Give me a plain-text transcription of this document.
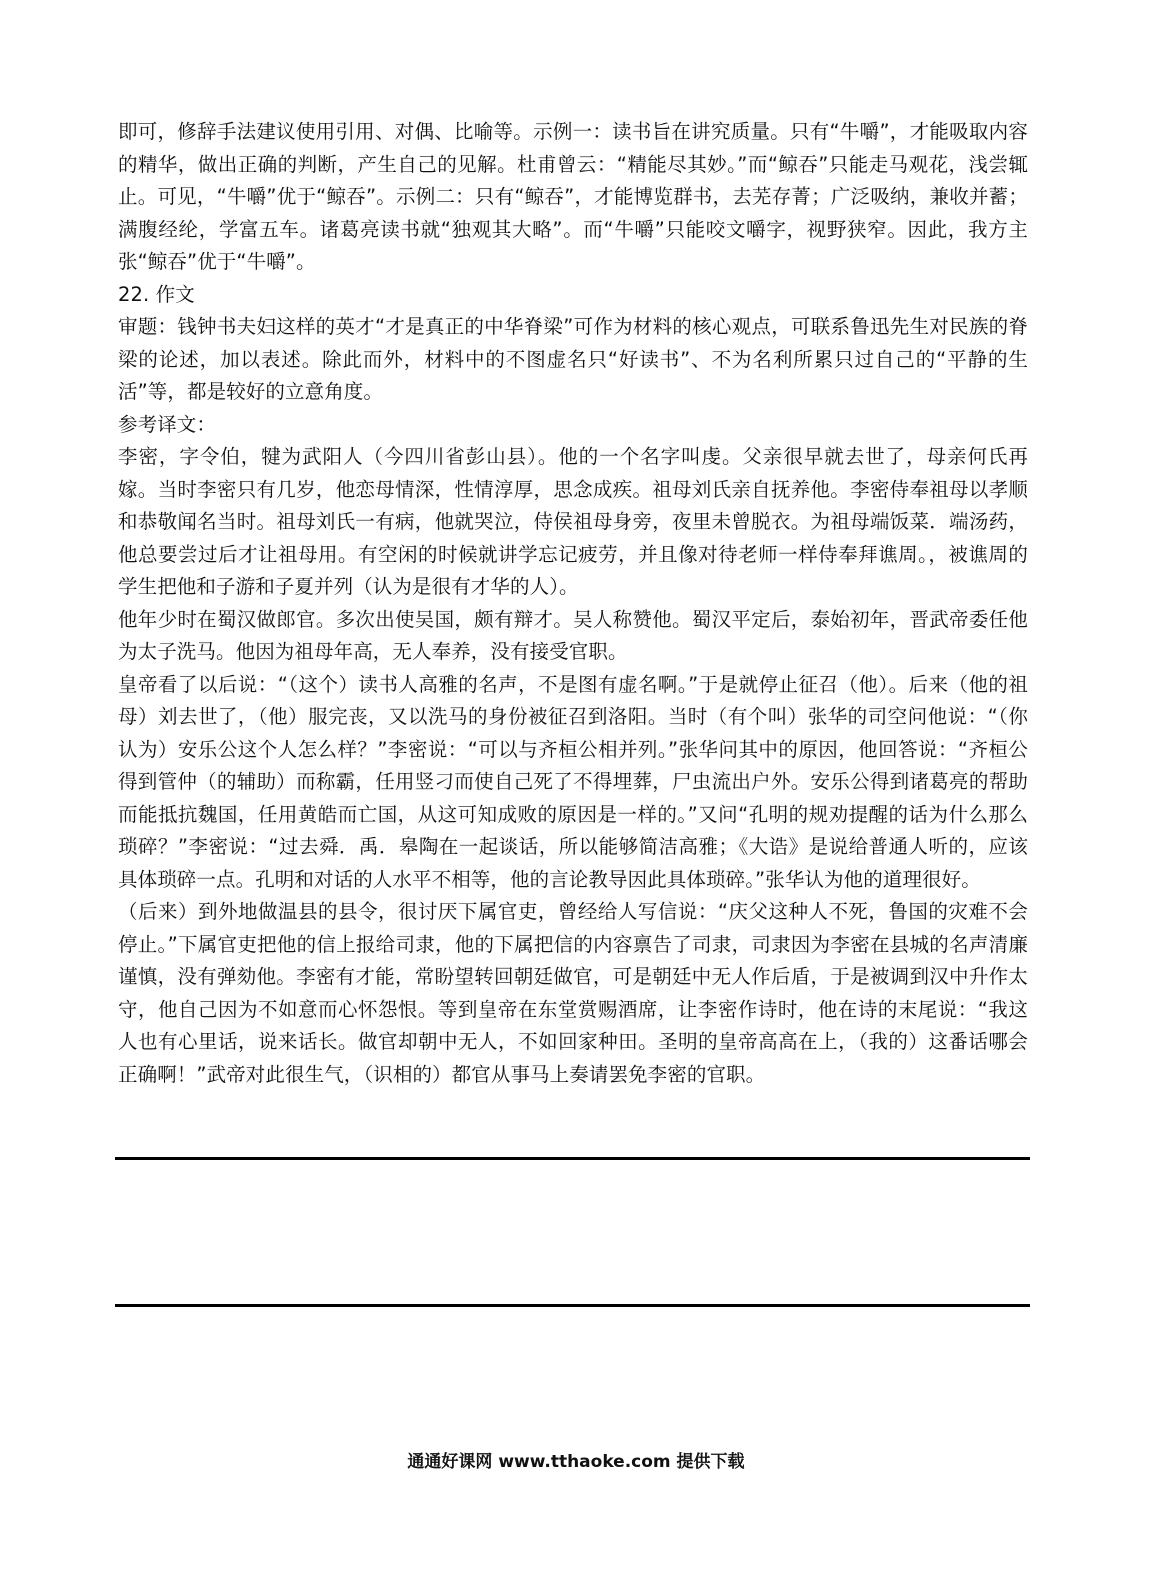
即可，修辞手法建议使用引用、对偶、比喻等。示例一：读书旨在讲究质量。只有“牛嚼”，才能吸取内容的精华，做出正确的判断，产生自己的见解。杜甫曾云：“精能尽其妙。”而“鲸吞”只能走马观花，浅尝辄止。可见，“牛嚼”优于“鲸吞”。示例二：只有“鲸吞”，才能博览群书，去芜存菁；广泛吸纳，兼收并蓄；满腹经纶，学富五车。诸葛亮读书就“独观其大略”。而“牛嚼”只能咬文嚼字，视野狭窄。因此，我方主张“鲸吞”优于“牛嚼”。

22. 作文

审题：钱钟书夫妇这样的英才“才是真正的中华脊梁”可作为材料的核心观点，可联系鲁迅先生对民族的脊梁的论述，加以表述。除此而外，材料中的不图虚名只“好读书”、不为名利所累只过自己的“平静的生活”等，都是较好的立意角度。

参考译文：

李密，字令伯，犍为武阳人（今四川省彭山县）。他的一个名字叫虔。父亲很早就去世了，母亲何氏再嫁。当时李密只有几岁，他恋母情深，性情淳厚，思念成疾。祖母刘氏亲自抚养他。李密侍奉祖母以孝顺和恭敬闻名当时。祖母刘氏一有病，他就哭泣，侍侯祖母身旁，夜里未曾脱衣。为祖母端饭菜．端汤药，他总要尝过后才让祖母用。有空闲的时候就讲学忘记疲劳，并且像对待老师一样侍奉拜谯周。，被谯周的学生把他和子游和子夏并列（认为是很有才华的人）。

他年少时在蜀汉做郎官。多次出使吴国，颇有辩才。吴人称赞他。蜀汉平定后，泰始初年，晋武帝委任他为太子洗马。他因为祖母年高，无人奉养，没有接受官职。

皇帝看了以后说：“（这个）读书人高雅的名声，不是图有虚名啊。”于是就停止征召（他）。后来（他的祖母）刘去世了，（他）服完丧，又以洗马的身份被征召到洛阳。当时（有个叫）张华的司空问他说：“（你认为）安乐公这个人怎么样？”李密说：“可以与齐桓公相并列。”张华问其中的原因，他回答说：“齐桓公得到管仲（的辅助）而称霸，任用竖刁而使自己死了不得埋葬，尸虫流出户外。安乐公得到诸葛亮的帮助而能抵抗魏国，任用黄皓而亡国，从这可知成败的原因是一样的。”又问“孔明的规劝提醒的话为什么那么琐碎？”李密说：“过去舜．禹．皋陶在一起谈话，所以能够简洁高雅；《大诰》是说给普通人听的，应该具体琐碎一点。孔明和对话的人水平不相等，他的言论教导因此具体琐碎。”张华认为他的道理很好。

（后来）到外地做温县的县令，很讨厌下属官吏，曾经给人写信说：“庆父这种人不死，鲁国的灾难不会停止。”下属官吏把他的信上报给司隶，他的下属把信的内容禀告了司隶，司隶因为李密在县城的名声清廉谨慎，没有弹劾他。李密有才能，常盼望转回朝廷做官，可是朝廷中无人作后盾，于是被调到汉中升作太守，他自己因为不如意而心怀怨恨。等到皇帝在东堂赏赐酒席，让李密作诗时，他在诗的末尾说：“我这人也有心里话，说来话长。做官却朝中无人，不如回家种田。圣明的皇帝高高在上，（我的）这番话哪会正确啊！”武帝对此很生气，（识相的）都官从事马上奏请罢免李密的官职。

通通好课网 www.tthaoke.com 提供下载
